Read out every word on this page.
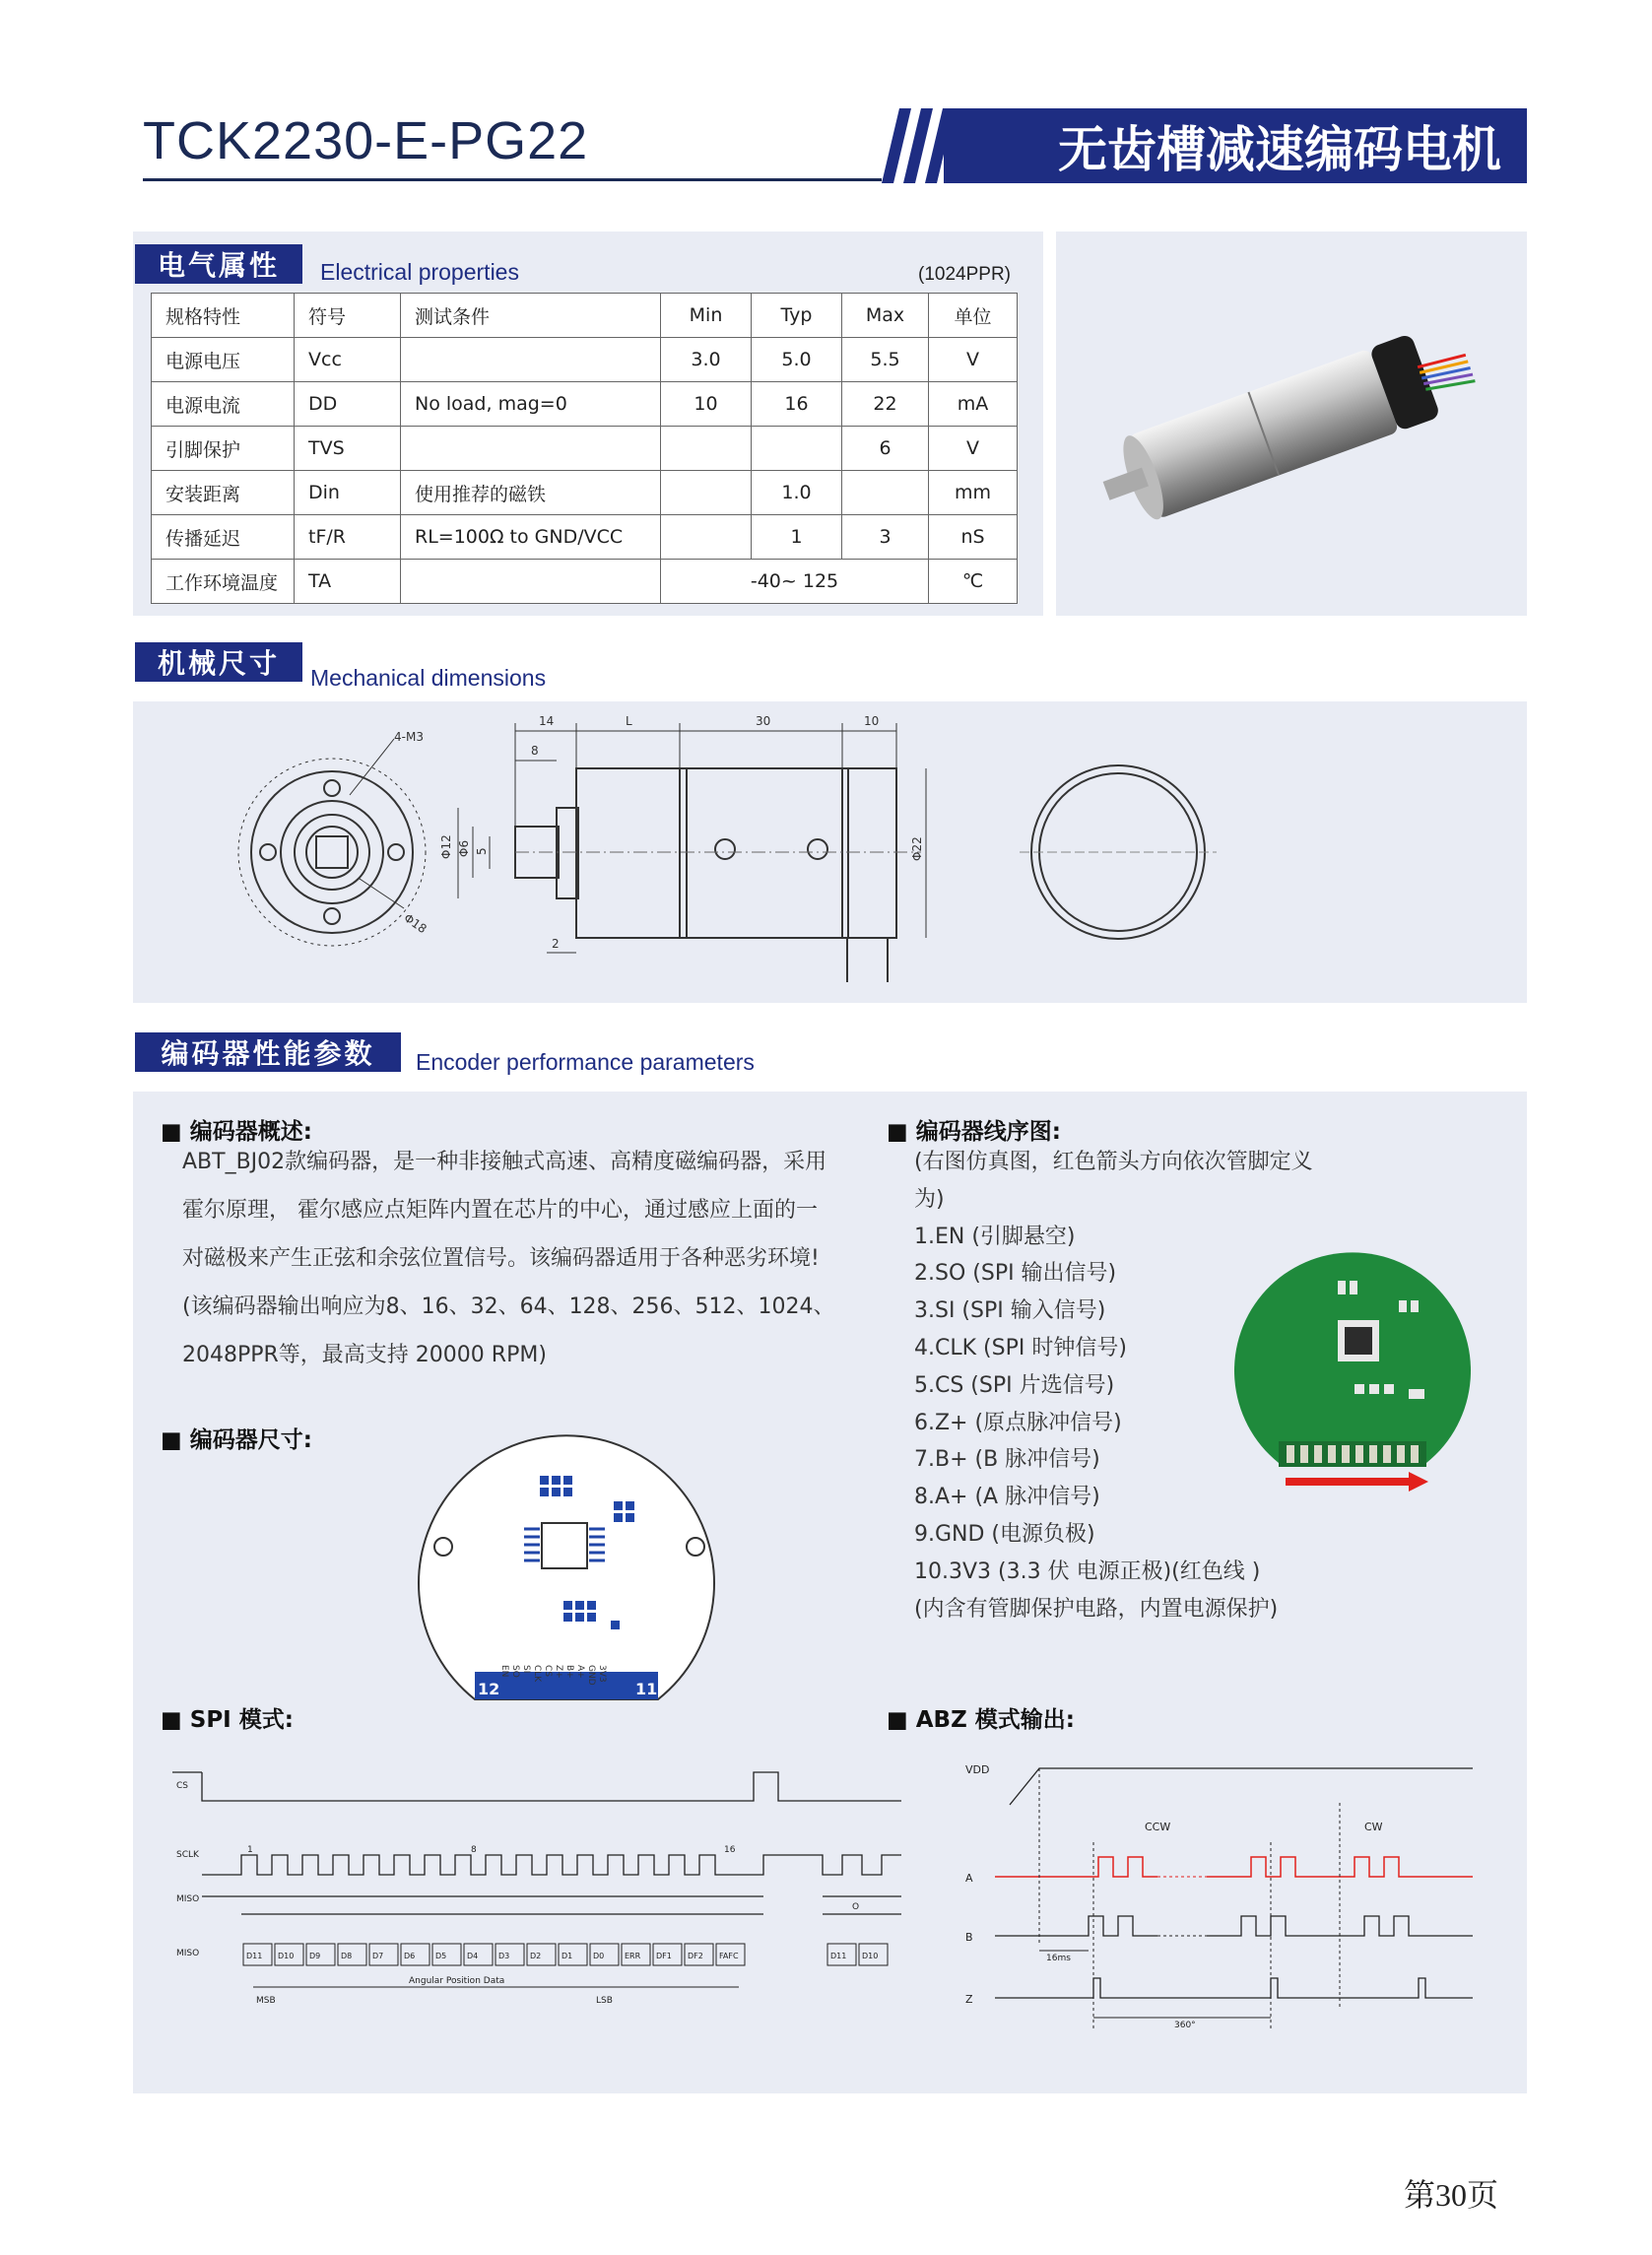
TCK2230-E-PG22	无齿槽减速编码电机
电气属性	Electrical properties	(1024PPR)
规格特性	符号	测试条件	Min	Typ	Max	单位
电源电压	Vcc		3.0	5.0	5.5	V
电源电流	DD	No load, mag=0	10	16	22	mA
引脚保护	TVS				6	V
安装距离	Din	使用推荐的磁铁		1.0		mm
传播延迟	tF/R	RL=100Ω to GND/VCC		1	3	nS
工作环境温度	TA		-40~ 125			℃
机械尺寸	Mechanical dimensions
4-M3
Φ18
14	L	30	10
8
2
Φ12 Φ6 5	Φ22
编码器性能参数	Encoder performance parameters
■ 编码器概述:
ABT_BJ02款编码器，是一种非接触式高速、高精度磁编码器，采用
霍尔原理， 霍尔感应点矩阵内置在芯片的中心，通过感应上面的一
对磁极来产生正弦和余弦位置信号。该编码器适用于各种恶劣环境!
(该编码器输出响应为8、16、32、64、128、256、512、1024、
2048PPR等，最高支持 20000 RPM)
■ 编码器尺寸:
EN SO SI CLK CS Z+ B+ A+ GND 3V3
12	11
■ 编码器线序图:
(右图仿真图，红色箭头方向依次管脚定义为)
1.EN (引脚悬空)
2.SO (SPI 输出信号)
3.SI (SPI 输入信号)
4.CLK (SPI 时钟信号)
5.CS (SPI 片选信号)
6.Z+ (原点脉冲信号)
7.B+ (B 脉冲信号)
8.A+ (A 脉冲信号)
9.GND (电源负极)
10.3V3 (3.3 伏 电源正极)(红色线 )
(内含有管脚保护电路，内置电源保护)
■ SPI 模式:
CS
SCLK
MISO
MISO
1	8	16
O
D11 D10 D9	D8	D7	D6	D5	D4	D3	D2	D1	D0	ERR DF1 DF2 FAFC	D11 D10
Angular Position Data
MSB	LSB
■ ABZ 模式输出:
VDD
A
B
Z
CCW	CW
16ms
360°
第30页
